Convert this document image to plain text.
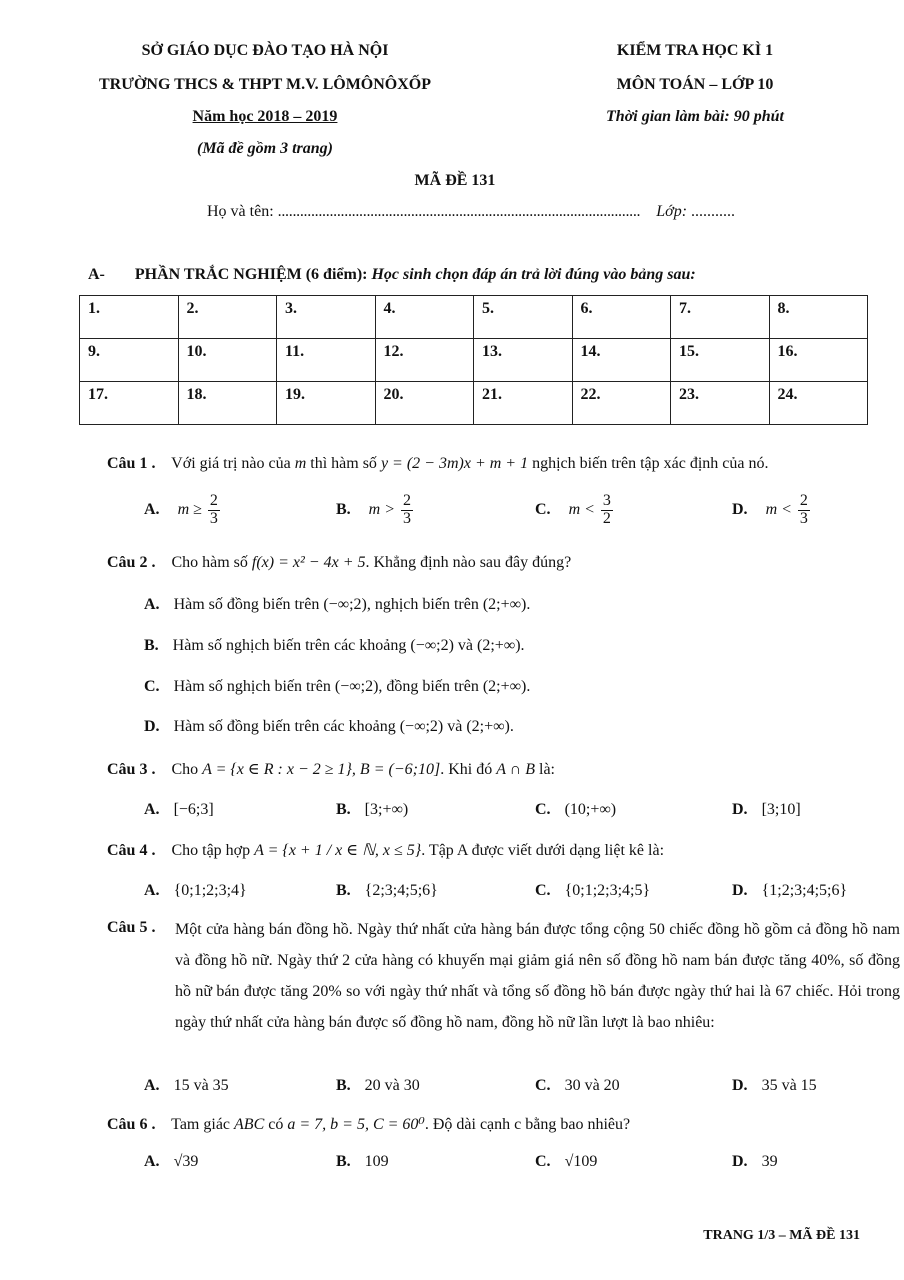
SỞ GIÁO DỤC ĐÀO TẠO HÀ NỘI
TRƯỜNG THCS & THPT M.V. LÔMÔNÔXỐP
Năm học 2018 – 2019
(Mã đề gồm 3 trang)
KIỂM TRA HỌC KÌ 1
MÔN TOÁN – LỚP 10
Thời gian làm bài: 90 phút
MÃ ĐỀ 131
Họ và tên: .................................................................................................. Lớp: ...........
A- PHẦN TRẮC NGHIỆM (6 điểm): Học sinh chọn đáp án trả lời đúng vào bảng sau:
1.	2.	3.	4.	5.	6.	7.	8.
9.	10.	11.	12.	13.	14.	15.	16.
17.	18.	19.	20.	21.	22.	23.	24.
Câu 1 . Với giá trị nào của m thì hàm số y = (2 − 3m)x + m + 1 nghịch biến trên tập xác định của nó.
A. $m \ge \frac{2}{3}$	B. $m > \frac{2}{3}$	C. $m < \frac{3}{2}$	D. $m < \frac{2}{3}$
Câu 2 . Cho hàm số f(x) = x² − 4x + 5. Khẳng định nào sau đây đúng?
A. Hàm số đồng biến trên (−∞;2), nghịch biến trên (2;+∞).
B. Hàm số nghịch biến trên các khoảng (−∞;2) và (2;+∞).
C. Hàm số nghịch biến trên (−∞;2), đồng biến trên (2;+∞).
D. Hàm số đồng biến trên các khoảng (−∞;2) và (2;+∞).
Câu 3 . Cho A = {x ∈ R : x − 2 ≥ 1}, B = (−6;10]. Khi đó A ∩ B là:
A. [−6;3]	B. [3;+∞)	C. (10;+∞)	D. [3;10]
Câu 4 . Cho tập hợp A = {x + 1 / x ∈ ℕ, x ≤ 5}. Tập A được viết dưới dạng liệt kê là:
A. {0;1;2;3;4}	B. {2;3;4;5;6}	C. {0;1;2;3;4;5}	D. {1;2;3;4;5;6}
Câu 5 . Một cửa hàng bán đồng hồ. Ngày thứ nhất cửa hàng bán được tổng cộng 50 chiếc đồng hồ gồm cả đồng hồ nam và đồng hồ nữ. Ngày thứ 2 cửa hàng có khuyến mại giảm giá nên số đồng hồ nam bán được tăng 40%, số đồng hồ nữ bán được tăng 20% so với ngày thứ nhất và tổng số đồng hồ bán được ngày thứ hai là 67 chiếc. Hỏi trong ngày thứ nhất cửa hàng bán được số đồng hồ nam, đồng hồ nữ lần lượt là bao nhiêu:
A. 15 và 35	B. 20 và 30	C. 30 và 20	D. 35 và 15
Câu 6 . Tam giác ABC có a = 7, b = 5, C = 60⁰. Độ dài cạnh c bằng bao nhiêu?
A. √39	B. 109	C. √109	D. 39
TRANG 1/3 – MÃ ĐỀ 131
